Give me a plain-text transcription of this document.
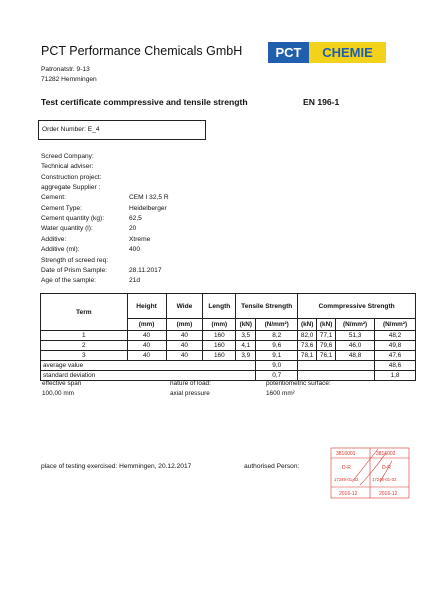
PCT Performance Chemicals GmbH
Patronatstr. 9-13
71282 Hemmingen
PCT	CHEMIE
Test certificate commpressive and tensile strength	EN 196-1
Order Number: E_4
Screed Company:
Technical adviser:
Construction project:
aggregate Supplier :
Cement:	CEM I 32,5 R
Cement Type:	Heidelberger
Cement quantity (kg):	62,5
Water quantity (l):	20
Additive:	Xtreme
Additive (ml):	400
Strength of screed req:
Date of Prism Sample:	28.11.2017
Age of the sample:	21d
Term	Height	Wide	Length	Tensile Strength		Commpressive Strength			
	(mm)	(mm)	(mm)	(kN)	(N/mm²)	(kN)	(kN)	(N/mm²)	(N/mm²)
1	40	40	160	3,5	8,2	82,0	77,1	51,3	48,2
2	40	40	160	4,1	9,6	73,6	79,6	46,0	49,8
3	40	40	160	3,9	9,1	78,1	76,1	48,8	47,6
average value					9,0				48,6
standard deviation					0,7				1,8
effective span
100,00 mm
nature of load:
axial pressure
potentiometric surface:
1600 mm²
place of testing exercised: Hemmingen, 20.12.2017	authorised Person:
3816001	3816002
D-R	D-R
17248-01-02	17248-01-02
2016-12	2016-12
